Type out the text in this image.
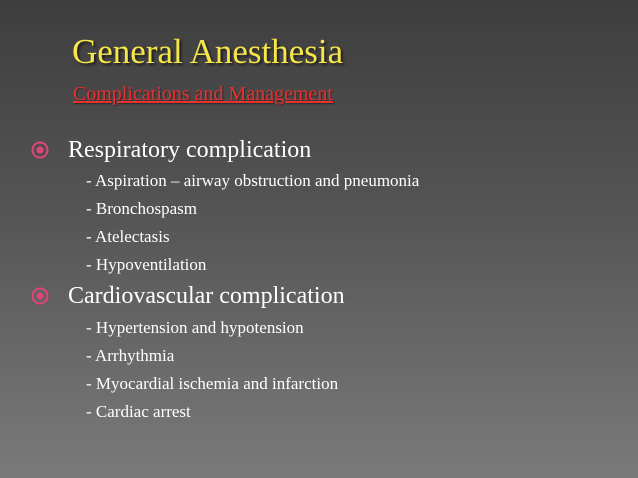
General Anesthesia
Complications and Management
Respiratory complication
- Aspiration – airway obstruction and pneumonia
- Bronchospasm
- Atelectasis
- Hypoventilation
Cardiovascular complication
- Hypertension and hypotension
- Arrhythmia
- Myocardial ischemia and infarction
- Cardiac arrest
